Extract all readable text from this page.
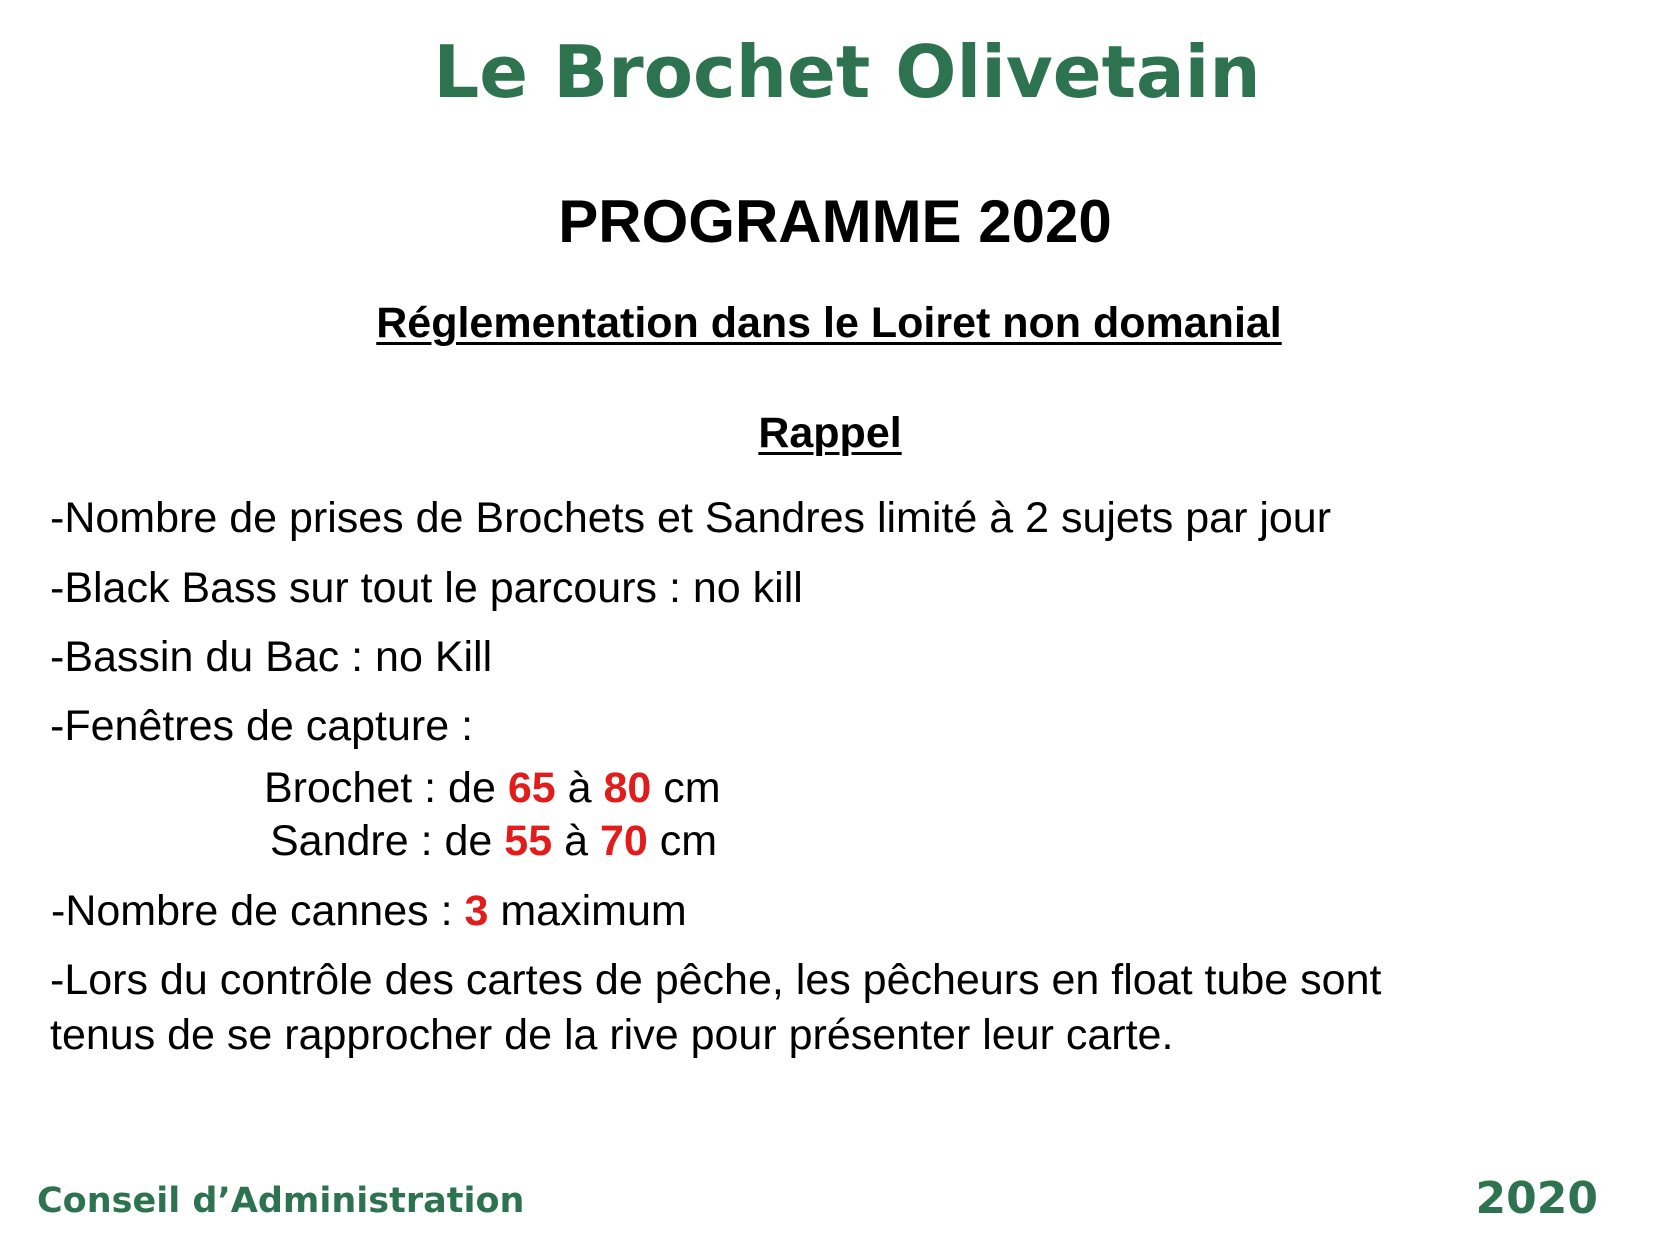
Le Brochet Olivetain
PROGRAMME 2020
Réglementation dans le Loiret non domanial
Rappel
-Nombre de prises de Brochets et Sandres limité à 2 sujets par jour
-Black Bass sur tout le parcours : no kill
-Bassin du Bac : no Kill
-Fenêtres de capture :
Brochet : de 65 à 80 cm
Sandre : de 55 à 70 cm
-Nombre de cannes : 3 maximum
-Lors du contrôle des cartes de pêche, les pêcheurs en float tube sont
tenus de se rapprocher de la rive pour présenter leur carte.
Conseil d’Administration	2020
